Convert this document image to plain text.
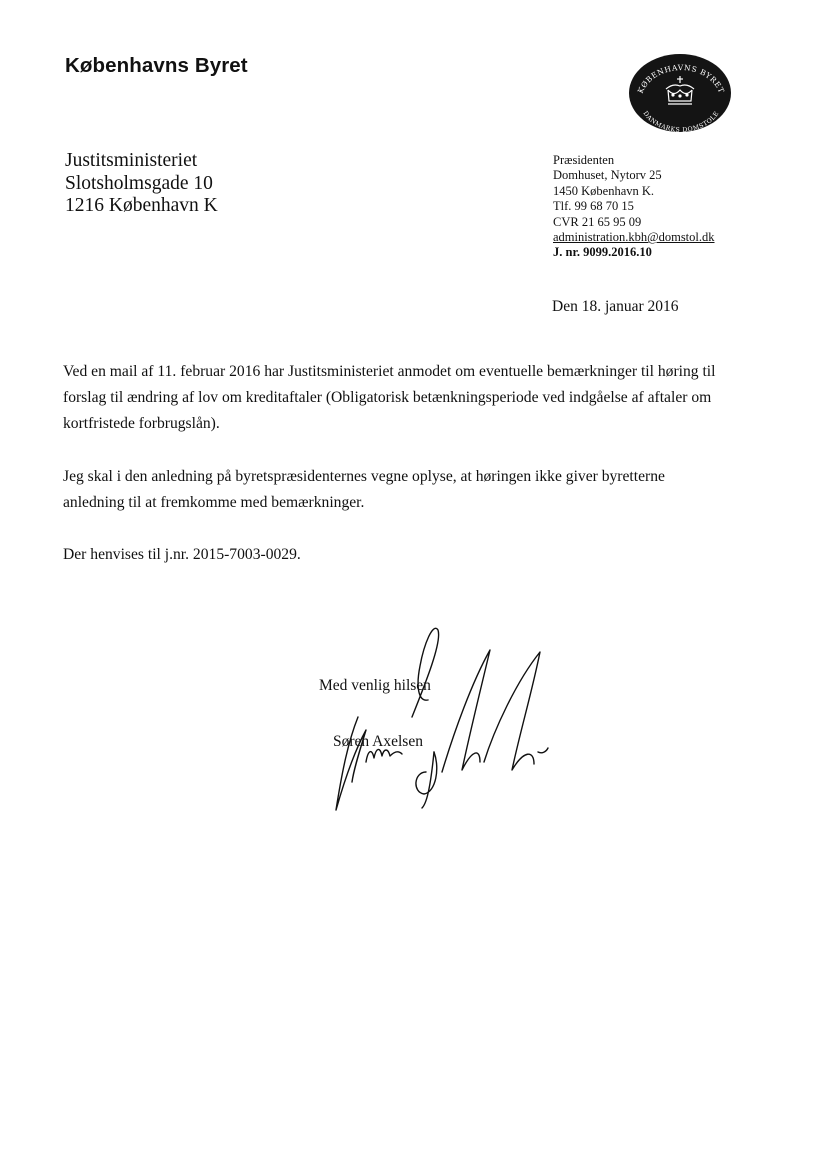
Københavns Byret
KØBENHAVNS BYRET
DANMARKS DOMSTOLE
Justitsministeriet
Slotsholmsgade 10
1216 København K
Præsidenten
Domhuset, Nytorv 25
1450 København K.
Tlf. 99 68 70 15
CVR 21 65 95 09
administration.kbh@domstol.dk
J. nr. 9099.2016.10
Den 18. januar 2016

Ved en mail af 11. februar 2016 har Justitsministeriet anmodet om eventuelle bemærkninger til høring til forslag til ændring af lov om kreditaftaler (Obligatorisk betænkningsperiode ved indgåelse af aftaler om kortfristede forbrugslån).

Jeg skal i den anledning på byretspræsidenternes vegne oplyse, at høringen ikke giver byretterne anledning til at fremkomme med bemærkninger.

Der henvises til j.nr. 2015-7003-0029.

Med venlig hilsen
Søren Axelsen
